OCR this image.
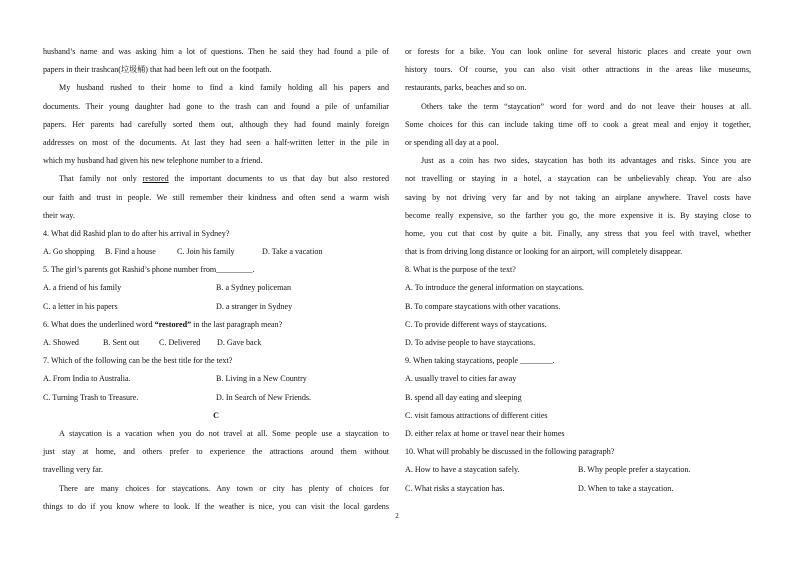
husband’s name and was asking him a lot of questions. Then he said they had found a pile of
papers in their trashcan(垃圾桶) that had been left out on the footpath.
My husband rushed to their home to find a kind family holding all his papers and
documents. Their young daughter had gone to the trash can and found a pile of unfamiliar
papers. Her parents had carefully sorted them out, although they had found mainly foreign
addresses on most of the documents. At last they had seen a half-written letter in the pile in
which my husband had given his new telephone number to a friend.
That family not only restored the important documents to us that day but also restored
our faith and trust in people. We still remember their kindness and often send a warm wish
their way.
4. What did Rashid plan to do after his arrival in Sydney?
A. Go shopping	B. Find a house	C. Join his family	D. Take a vacation
5. The girl’s parents got Rashid’s phone number from_________.
A. a friend of his family	B. a Sydney policeman
C. a letter in his papers	D. a stranger in Sydney
6. What does the underlined word “restored” in the last paragraph mean?
A. Showed	B. Sent out	C. Delivered	D. Gave back
7. Which of the following can be the best title for the text?
A. From India to Australia.	B. Living in a New Country
C. Turning Trash to Treasure.	D. In Search of New Friends.
C
A staycation is a vacation when you do not travel at all. Some people use a staycation to
just stay at home, and others prefer to experience the attractions around them without
travelling very far.
There are many choices for staycations. Any town or city has plenty of choices for
things to do if you know where to look. If the weather is nice, you can visit the local gardens
or forests for a bike. You can look online for several historic places and create your own
history tours. Of course, you can also visit other attractions in the areas like museums,
restaurants, parks, beaches and so on.
Others take the term “staycation” word for word and do not leave their houses at all.
Some choices for this can include taking time off to cook a great meal and enjoy it together,
or spending all day at a pool.
Just as a coin has two sides, staycation has both its advantages and risks. Since you are
not travelling or staying in a hotel, a staycation can be unbelievably cheap. You are also
saving by not driving very far and by not taking an airplane anywhere. Travel costs have
become really expensive, so the farther you go, the more expensive it is. By staying close to
home, you cut that cost by quite a bit. Finally, any stress that you feel with travel, whether
that is from driving long distance or looking for an airport, will completely disappear.
8. What is the purpose of the text?
A. To introduce the general information on staycations.
B. To compare staycations with other vacations.
C. To provide different ways of staycations.
D. To advise people to have staycations.
9. When taking staycations, people ________.
A. usually travel to cities far away
B. spend all day eating and sleeping
C. visit famous attractions of different cities
D. either relax at home or travel near their homes
10. What will probably be discussed in the following paragraph?
A. How to have a staycation safely.	B. Why people prefer a staycation.
C. What risks a staycation has.	D. When to take a staycation.
2
